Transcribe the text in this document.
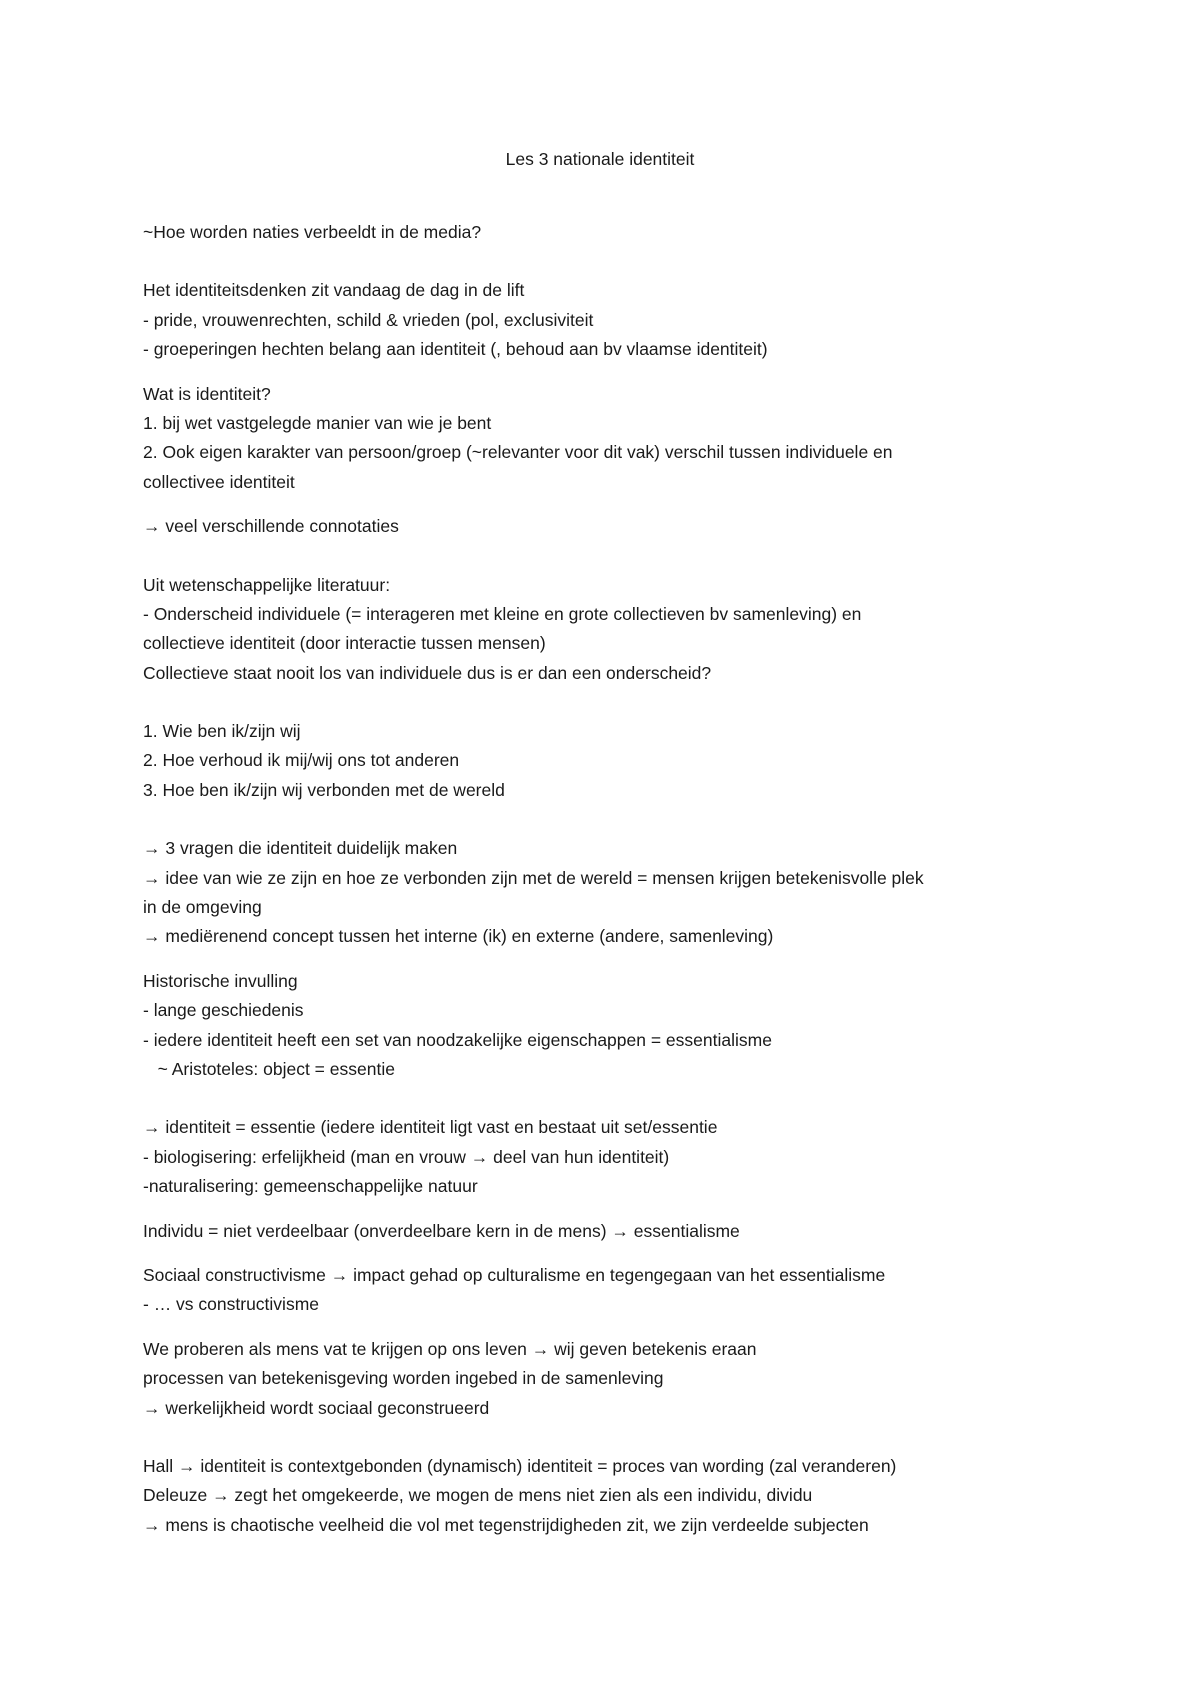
Les 3 nationale identiteit
~Hoe worden naties verbeeldt in de media?
Het identiteitsdenken zit vandaag de dag in de lift
- pride, vrouwenrechten, schild & vrieden (pol, exclusiviteit
- groeperingen hechten belang aan identiteit (, behoud aan bv vlaamse identiteit)
Wat is identiteit?
1. bij wet vastgelegde manier van wie je bent
2. Ook eigen karakter van persoon/groep (~relevanter voor dit vak) verschil tussen individuele en
collectivee identiteit
→ veel verschillende connotaties
Uit wetenschappelijke literatuur:
- Onderscheid individuele (= interageren met kleine en grote collectieven bv samenleving) en
collectieve identiteit (door interactie tussen mensen)
Collectieve staat nooit los van individuele dus is er dan een onderscheid?
1. Wie ben ik/zijn wij
2. Hoe verhoud ik mij/wij ons tot anderen
3. Hoe ben ik/zijn wij verbonden met de wereld
→ 3 vragen die identiteit duidelijk maken
→ idee van wie ze zijn en hoe ze verbonden zijn met de wereld = mensen krijgen betekenisvolle plek
in de omgeving
→ mediërenend concept tussen het interne (ik) en externe (andere, samenleving)
Historische invulling
- lange geschiedenis
- iedere identiteit heeft een set van noodzakelijke eigenschappen = essentialisme
~ Aristoteles: object = essentie
→ identiteit = essentie (iedere identiteit ligt vast en bestaat uit set/essentie
- biologisering: erfelijkheid (man en vrouw → deel van hun identiteit)
-naturalisering: gemeenschappelijke natuur
Individu = niet verdeelbaar (onverdeelbare kern in de mens) → essentialisme
Sociaal constructivisme → impact gehad op culturalisme en tegengegaan van het essentialisme
- … vs constructivisme
We proberen als mens vat te krijgen op ons leven → wij geven betekenis eraan
processen van betekenisgeving worden ingebed in de samenleving
→ werkelijkheid wordt sociaal geconstrueerd
Hall → identiteit is contextgebonden (dynamisch) identiteit = proces van wording (zal veranderen)
Deleuze → zegt het omgekeerde, we mogen de mens niet zien als een individu, dividu
→ mens is chaotische veelheid die vol met tegenstrijdigheden zit, we zijn verdeelde subjecten
